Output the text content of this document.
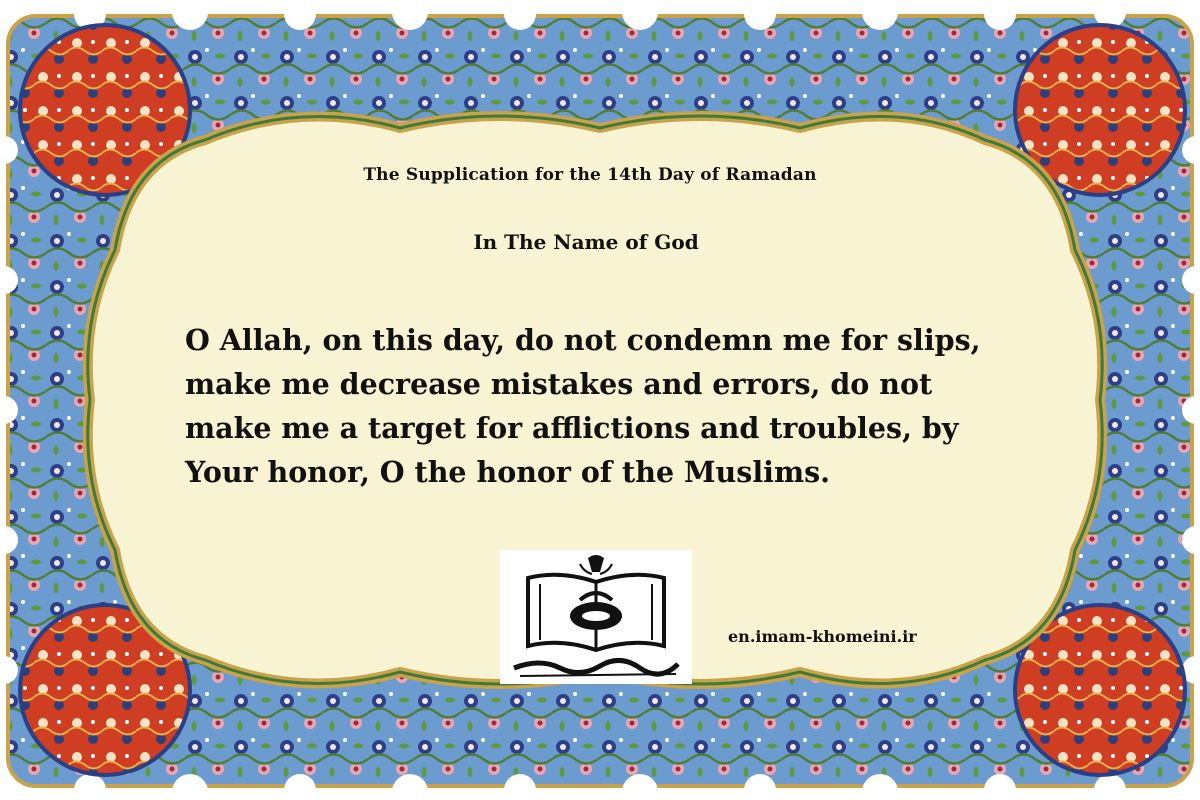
The Supplication for the 14th Day of Ramadan
In The Name of God
O Allah, on this day, do not condemn me for slips,
make me decrease mistakes and errors, do not
make me a target for afflictions and troubles, by
Your honor, O the honor of the Muslims.
en.imam-khomeini.ir
